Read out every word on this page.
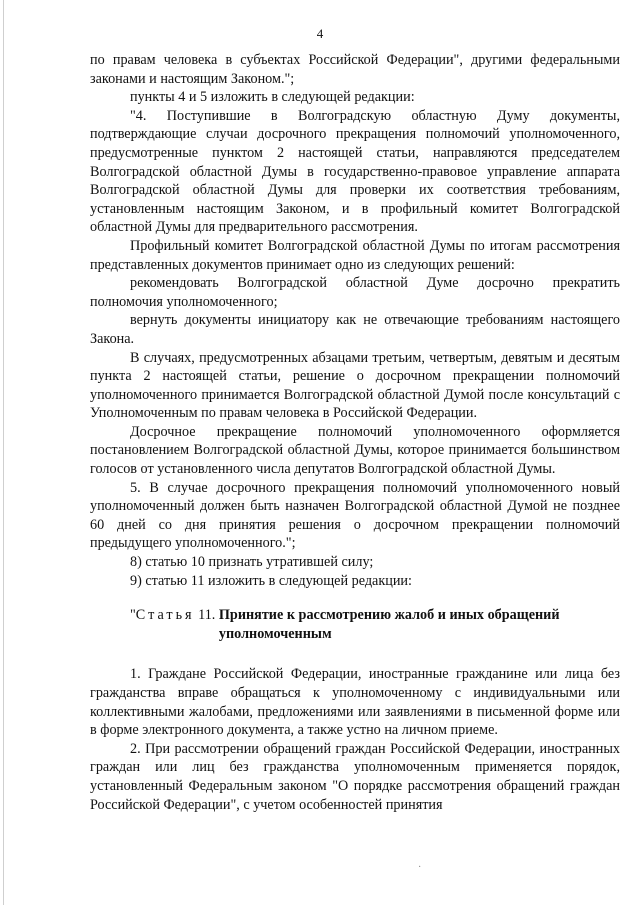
4

по правам человека в субъектах Российской Федерации", другими федеральными законами и настоящим Законом.";

пункты 4 и 5 изложить в следующей редакции:

"4. Поступившие в Волгоградскую областную Думу документы, подтверждающие случаи досрочного прекращения полномочий уполномоченного, предусмотренные пунктом 2 настоящей статьи, направляются председателем Волгоградской областной Думы в государственно-правовое управление аппарата Волгоградской областной Думы для проверки их соответствия требованиям, установленным настоящим Законом, и в профильный комитет Волгоградской областной Думы для предварительного рассмотрения.

Профильный комитет Волгоградской областной Думы по итогам рассмотрения представленных документов принимает одно из следующих решений:

рекомендовать Волгоградской областной Думе досрочно прекратить полномочия уполномоченного;

вернуть документы инициатору как не отвечающие требованиям настоящего Закона.

В случаях, предусмотренных абзацами третьим, четвертым, девятым и десятым пункта 2 настоящей статьи, решение о досрочном прекращении полномочий уполномоченного принимается Волгоградской областной Думой после консультаций с Уполномоченным по правам человека в Российской Федерации.

Досрочное прекращение полномочий уполномоченного оформляется постановлением Волгоградской областной Думы, которое принимается большинством голосов от установленного числа депутатов Волгоградской областной Думы.

5. В случае досрочного прекращения полномочий уполномоченного новый уполномоченный должен быть назначен Волгоградской областной Думой не позднее 60 дней со дня принятия решения о досрочном прекращении полномочий предыдущего уполномоченного.";

8) статью 10 признать утратившей силу;

9) статью 11 изложить в следующей редакции:

"Статья 11. Принятие к рассмотрению жалоб и иных обращений уполномоченным

1. Граждане Российской Федерации, иностранные гражданине или лица без гражданства вправе обращаться к уполномоченному с индивидуальными или коллективными жалобами, предложениями или заявлениями в письменной форме или в форме электронного документа, а также устно на личном приеме.

2. При рассмотрении обращений граждан Российской Федерации, иностранных граждан или лиц без гражданства уполномоченным применяется порядок, установленный Федеральным законом "О порядке рассмотрения обращений граждан Российской Федерации", с учетом особенностей принятия

·
